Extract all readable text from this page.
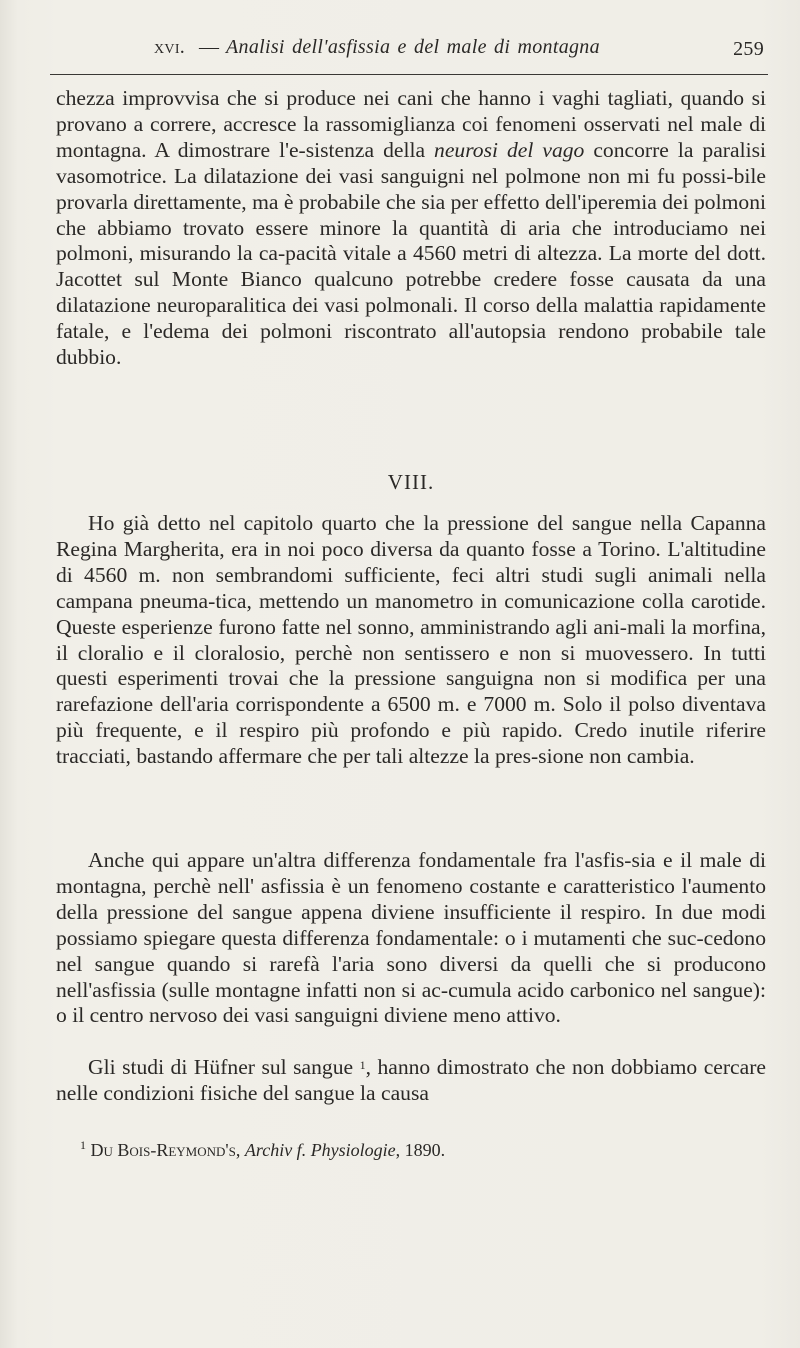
xvi. — Analisi dell'asfissia e del male di montagna	259

chezza improvvisa che si produce nei cani che hanno i vaghi tagliati, quando si provano a correre, accresce la rassomiglianza coi fenomeni osservati nel male di montagna. A dimostrare l'e-sistenza della neurosi del vago concorre la paralisi vasomotrice. La dilatazione dei vasi sanguigni nel polmone non mi fu possi-bile provarla direttamente, ma è probabile che sia per effetto dell'iperemia dei polmoni che abbiamo trovato essere minore la quantità di aria che introduciamo nei polmoni, misurando la ca-pacità vitale a 4560 metri di altezza. La morte del dott. Jacottet sul Monte Bianco qualcuno potrebbe credere fosse causata da una dilatazione neuroparalitica dei vasi polmonali. Il corso della malattia rapidamente fatale, e l'edema dei polmoni riscontrato all'autopsia rendono probabile tale dubbio.

VIII.

Ho già detto nel capitolo quarto che la pressione del sangue nella Capanna Regina Margherita, era in noi poco diversa da quanto fosse a Torino. L'altitudine di 4560 m. non sembrandomi sufficiente, feci altri studi sugli animali nella campana pneuma-tica, mettendo un manometro in comunicazione colla carotide. Queste esperienze furono fatte nel sonno, amministrando agli ani-mali la morfina, il cloralio e il cloralosio, perchè non sentissero e non si muovessero. In tutti questi esperimenti trovai che la pressione sanguigna non si modifica per una rarefazione dell'aria corrispondente a 6500 m. e 7000 m. Solo il polso diventava più frequente, e il respiro più profondo e più rapido. Credo inutile riferire tracciati, bastando affermare che per tali altezze la pres-sione non cambia.

Anche qui appare un'altra differenza fondamentale fra l'asfis-sia e il male di montagna, perchè nell' asfissia è un fenomeno costante e caratteristico l'aumento della pressione del sangue appena diviene insufficiente il respiro. In due modi possiamo spiegare questa differenza fondamentale: o i mutamenti che suc-cedono nel sangue quando si rarefà l'aria sono diversi da quelli che si producono nell'asfissia (sulle montagne infatti non si ac-cumula acido carbonico nel sangue): o il centro nervoso dei vasi sanguigni diviene meno attivo.

Gli studi di Hüfner sul sangue $^1$, hanno dimostrato che non dobbiamo cercare nelle condizioni fisiche del sangue la causa

$^1$ Du Bois-Reymond's, Archiv f. Physiologie, 1890.
